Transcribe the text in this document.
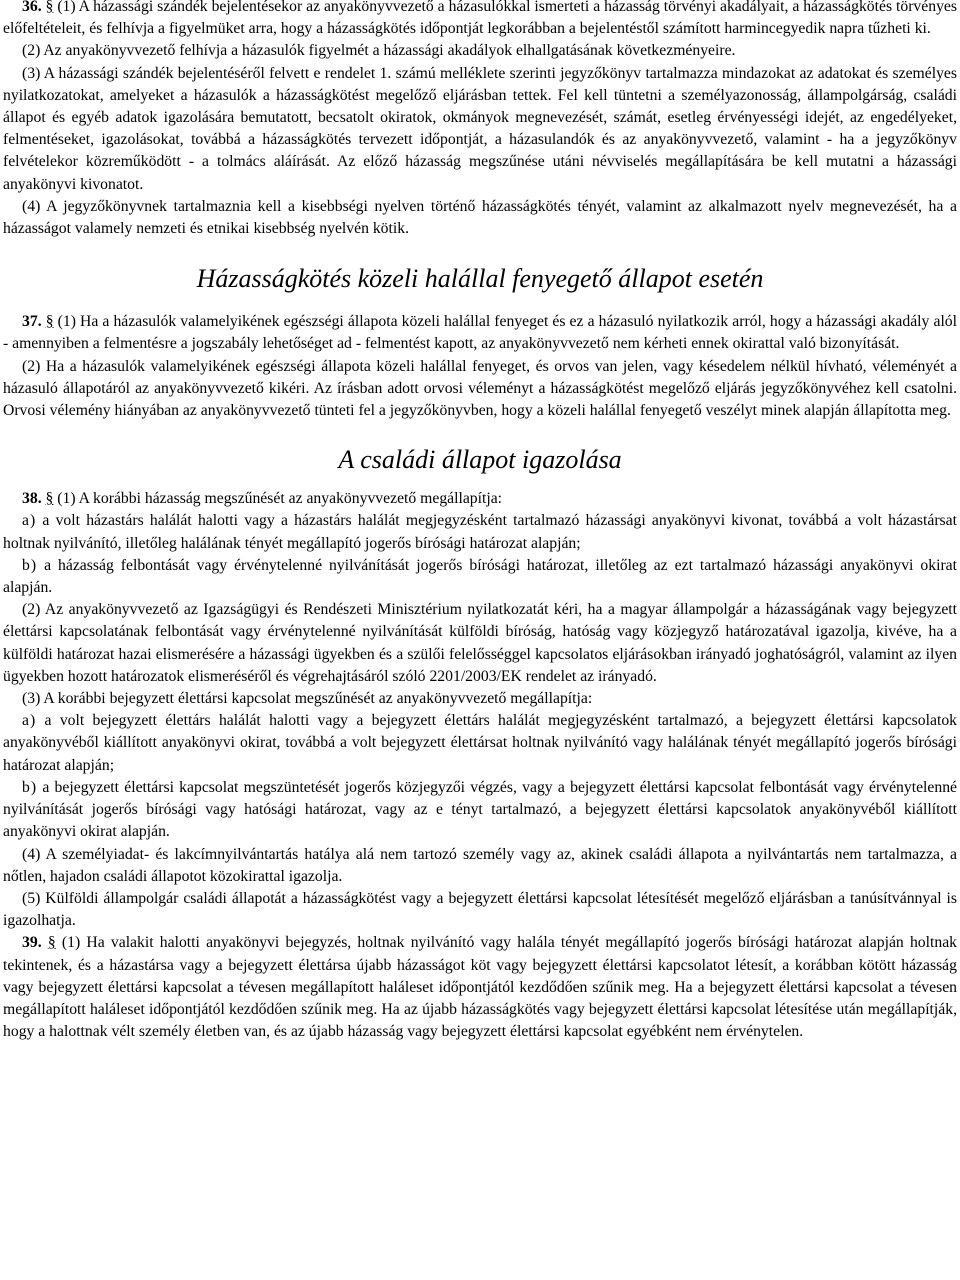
36. § (1) A házassági szándék bejelentésekor az anyakönyvvezető a házasulókkal ismerteti a házasság törvényi akadályait, a házasságkötés törvényes előfeltételeit, és felhívja a figyelmüket arra, hogy a házasságkötés időpontját legkorábban a bejelentéstől számított harmincegyedik napra tűzheti ki.

(2) Az anyakönyvvezető felhívja a házasulók figyelmét a házassági akadályok elhallgatásának következményeire.

(3) A házassági szándék bejelentéséről felvett e rendelet 1. számú melléklete szerinti jegyzőkönyv tartalmazza mindazokat az adatokat és személyes nyilatkozatokat, amelyeket a házasulók a házasságkötést megelőző eljárásban tettek. Fel kell tüntetni a személyazonosság, állampolgárság, családi állapot és egyéb adatok igazolására bemutatott, becsatolt okiratok, okmányok megnevezését, számát, esetleg érvényességi idejét, az engedélyeket, felmentéseket, igazolásokat, továbbá a házasságkötés tervezett időpontját, a házasulandók és az anyakönyvvezető, valamint - ha a jegyzőkönyv felvételekor közreműködött - a tolmács aláírását. Az előző házasság megszűnése utáni névviselés megállapítására be kell mutatni a házassági anyakönyvi kivonatot.

(4) A jegyzőkönyvnek tartalmaznia kell a kisebbségi nyelven történő házasságkötés tényét, valamint az alkalmazott nyelv megnevezését, ha a házasságot valamely nemzeti és etnikai kisebbség nyelvén kötik.

Házasságkötés közeli halállal fenyegető állapot esetén

37. § (1) Ha a házasulók valamelyikének egészségi állapota közeli halállal fenyeget és ez a házasuló nyilatkozik arról, hogy a házassági akadály alól - amennyiben a felmentésre a jogszabály lehetőséget ad - felmentést kapott, az anyakönyvvezető nem kérheti ennek okirattal való bizonyítását.

(2) Ha a házasulók valamelyikének egészségi állapota közeli halállal fenyeget, és orvos van jelen, vagy késedelem nélkül hívható, véleményét a házasuló állapotáról az anyakönyvvezető kikéri. Az írásban adott orvosi véleményt a házasságkötést megelőző eljárás jegyzőkönyvéhez kell csatolni. Orvosi vélemény hiányában az anyakönyvvezető tünteti fel a jegyzőkönyvben, hogy a közeli halállal fenyegető veszélyt minek alapján állapította meg.

A családi állapot igazolása

38. § (1) A korábbi házasság megszűnését az anyakönyvvezető megállapítja:

a) a volt házastárs halálát halotti vagy a házastárs halálát megjegyzésként tartalmazó házassági anyakönyvi kivonat, továbbá a volt házastársat holtnak nyilvánító, illetőleg halálának tényét megállapító jogerős bírósági határozat alapján;

b) a házasság felbontását vagy érvénytelenné nyilvánítását jogerős bírósági határozat, illetőleg az ezt tartalmazó házassági anyakönyvi okirat alapján.

(2) Az anyakönyvvezető az Igazságügyi és Rendészeti Minisztérium nyilatkozatát kéri, ha a magyar állampolgár a házasságának vagy bejegyzett élettársi kapcsolatának felbontását vagy érvénytelenné nyilvánítását külföldi bíróság, hatóság vagy közjegyző határozatával igazolja, kivéve, ha a külföldi határozat hazai elismerésére a házassági ügyekben és a szülői felelősséggel kapcsolatos eljárásokban irányadó joghatóságról, valamint az ilyen ügyekben hozott határozatok elismeréséről és végrehajtásáról szóló 2201/2003/EK rendelet az irányadó.

(3) A korábbi bejegyzett élettársi kapcsolat megszűnését az anyakönyvvezető megállapítja:

a) a volt bejegyzett élettárs halálát halotti vagy a bejegyzett élettárs halálát megjegyzésként tartalmazó, a bejegyzett élettársi kapcsolatok anyakönyvéből kiállított anyakönyvi okirat, továbbá a volt bejegyzett élettársat holtnak nyilvánító vagy halálának tényét megállapító jogerős bírósági határozat alapján;

b) a bejegyzett élettársi kapcsolat megszüntetését jogerős közjegyzői végzés, vagy a bejegyzett élettársi kapcsolat felbontását vagy érvénytelenné nyilvánítását jogerős bírósági vagy hatósági határozat, vagy az e tényt tartalmazó, a bejegyzett élettársi kapcsolatok anyakönyvéből kiállított anyakönyvi okirat alapján.

(4) A személyiadat- és lakcímnyilvántartás hatálya alá nem tartozó személy vagy az, akinek családi állapota a nyilvántartás nem tartalmazza, a nőtlen, hajadon családi állapotot közokirattal igazolja.

(5) Külföldi állampolgár családi állapotát a házasságkötést vagy a bejegyzett élettársi kapcsolat létesítését megelőző eljárásban a tanúsítvánnyal is igazolhatja.

39. § (1) Ha valakit halotti anyakönyvi bejegyzés, holtnak nyilvánító vagy halála tényét megállapító jogerős bírósági határozat alapján holtnak tekintenek, és a házastársa vagy a bejegyzett élettársa újabb házasságot köt vagy bejegyzett élettársi kapcsolatot létesít, a korábban kötött házasság vagy bejegyzett élettársi kapcsolat a tévesen megállapított haláleset időpontjától kezdődően szűnik meg. Ha a bejegyzett élettársi kapcsolat a tévesen megállapított haláleset időpontjától kezdődően szűnik meg. Ha az újabb házasságkötés vagy bejegyzett élettársi kapcsolat létesítése után megállapítják, hogy a halottnak vélt személy életben van, és az újabb házasság vagy bejegyzett élettársi kapcsolat egyébként nem érvénytelen.
